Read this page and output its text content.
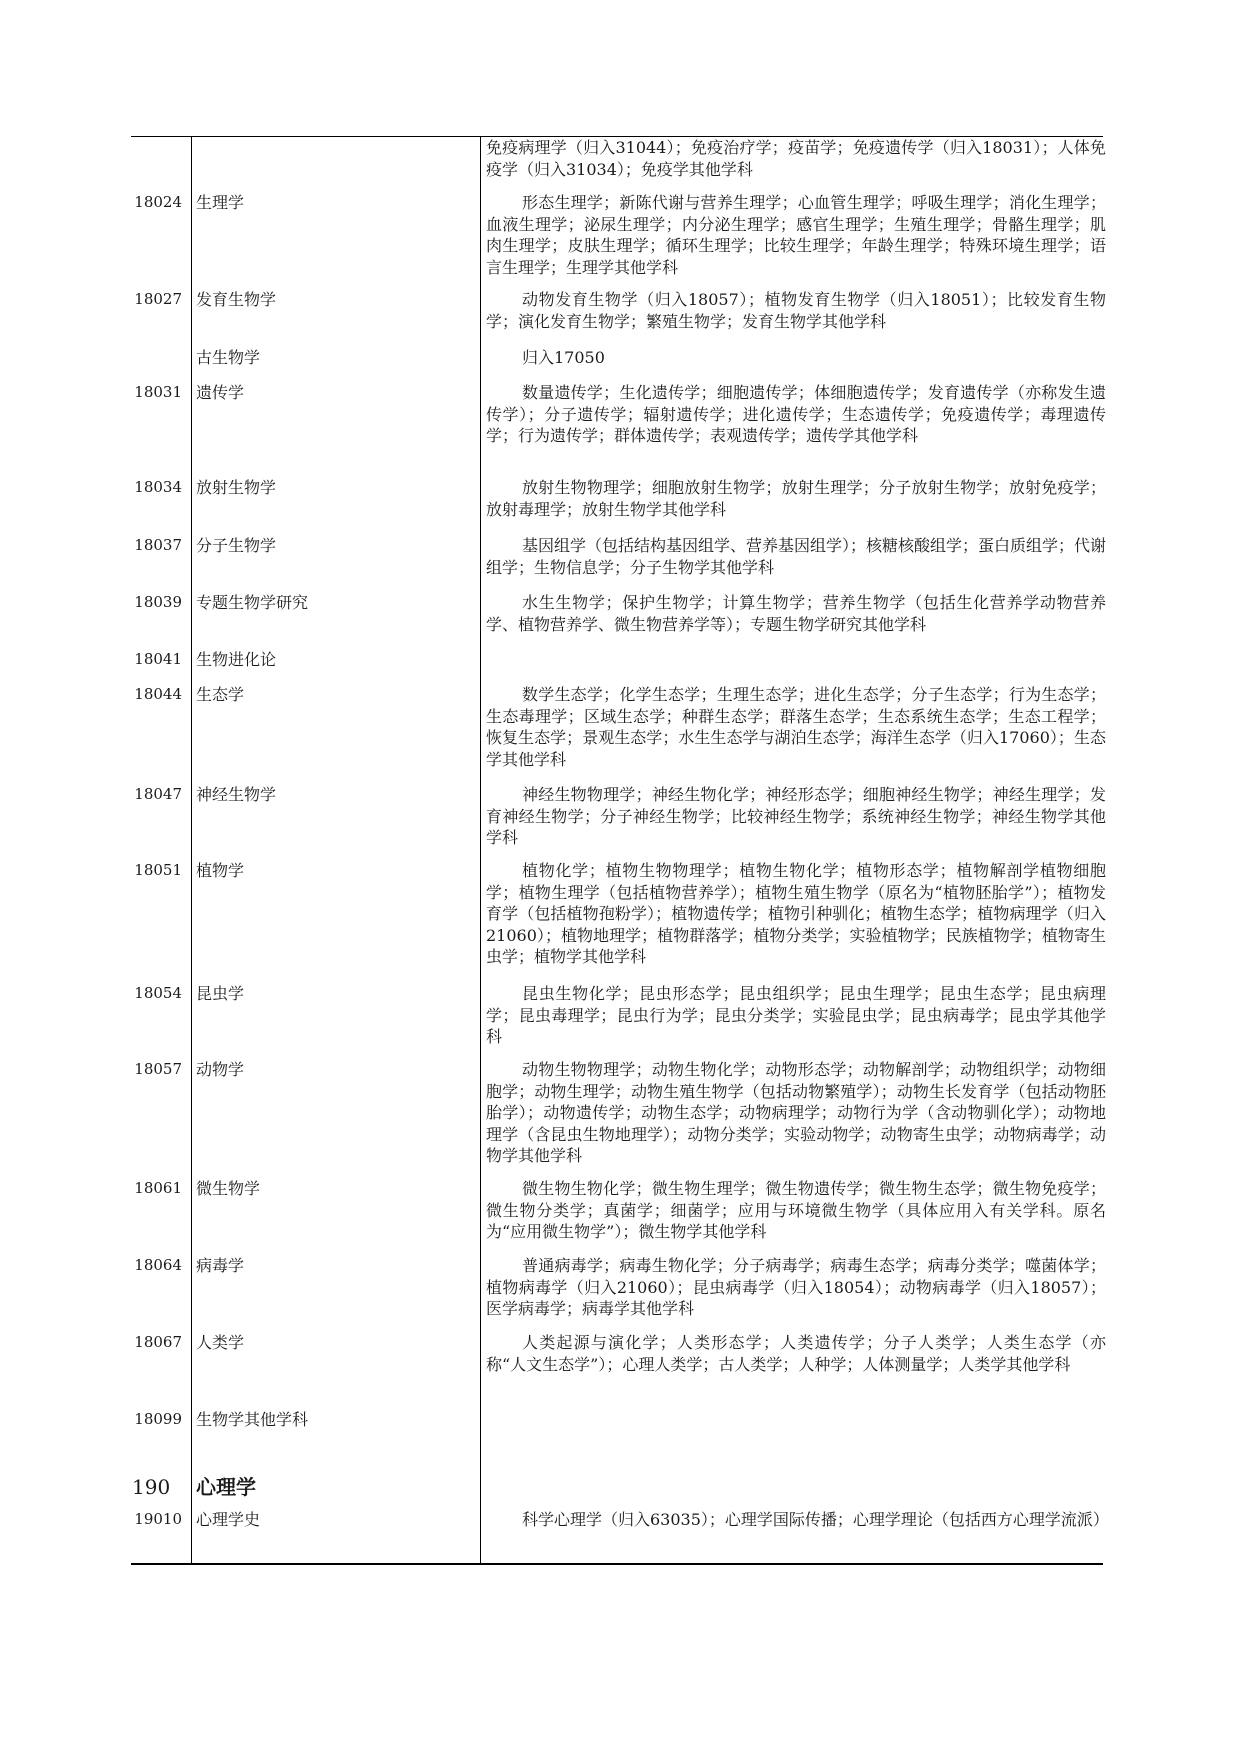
免疫病理学（归入31044）；免疫治疗学；疫苗学；免疫遗传学（归入18031）；人体免疫学（归入31034）；免疫学其他学科
18024 生理学	形态生理学；新陈代谢与营养生理学；心血管生理学；呼吸生理学；消化生理学；血液生理学；泌尿生理学；内分泌生理学；感官生理学；生殖生理学；骨骼生理学；肌肉生理学；皮肤生理学；循环生理学；比较生理学；年龄生理学；特殊环境生理学；语言生理学；生理学其他学科
18027 发育生物学	动物发育生物学（归入18057）；植物发育生物学（归入18051）；比较发育生物学；演化发育生物学；繁殖生物学；发育生物学其他学科
古生物学	归入17050
18031 遗传学	数量遗传学；生化遗传学；细胞遗传学；体细胞遗传学；发育遗传学（亦称发生遗传学）；分子遗传学；辐射遗传学；进化遗传学；生态遗传学；免疫遗传学；毒理遗传学；行为遗传学；群体遗传学；表观遗传学；遗传学其他学科
18034 放射生物学	放射生物物理学；细胞放射生物学；放射生理学；分子放射生物学；放射免疫学；放射毒理学；放射生物学其他学科
18037 分子生物学	基因组学（包括结构基因组学、营养基因组学）；核糖核酸组学；蛋白质组学；代谢组学；生物信息学；分子生物学其他学科
18039 专题生物学研究	水生生物学；保护生物学；计算生物学；营养生物学（包括生化营养学动物营养学、植物营养学、微生物营养学等）；专题生物学研究其他学科
18041 生物进化论
18044 生态学	数学生态学；化学生态学；生理生态学；进化生态学；分子生态学；行为生态学；生态毒理学；区域生态学；种群生态学；群落生态学；生态系统生态学；生态工程学；恢复生态学；景观生态学；水生生态学与湖泊生态学；海洋生态学（归入17060）；生态学其他学科
18047 神经生物学	神经生物物理学；神经生物化学；神经形态学；细胞神经生物学；神经生理学；发育神经生物学；分子神经生物学；比较神经生物学；系统神经生物学；神经生物学其他学科
18051 植物学	植物化学；植物生物物理学；植物生物化学；植物形态学；植物解剖学植物细胞学；植物生理学（包括植物营养学）；植物生殖生物学（原名为“植物胚胎学”）；植物发育学（包括植物孢粉学）；植物遗传学；植物引种驯化；植物生态学；植物病理学（归入21060）；植物地理学；植物群落学；植物分类学；实验植物学；民族植物学；植物寄生虫学；植物学其他学科
18054 昆虫学	昆虫生物化学；昆虫形态学；昆虫组织学；昆虫生理学；昆虫生态学；昆虫病理学；昆虫毒理学；昆虫行为学；昆虫分类学；实验昆虫学；昆虫病毒学；昆虫学其他学科
18057 动物学	动物生物物理学；动物生物化学；动物形态学；动物解剖学；动物组织学；动物细胞学；动物生理学；动物生殖生物学（包括动物繁殖学）；动物生长发育学（包括动物胚胎学）；动物遗传学；动物生态学；动物病理学；动物行为学（含动物驯化学）；动物地理学（含昆虫生物地理学）；动物分类学；实验动物学；动物寄生虫学；动物病毒学；动物学其他学科
18061 微生物学	微生物生物化学；微生物生理学；微生物遗传学；微生物生态学；微生物免疫学；微生物分类学；真菌学；细菌学；应用与环境微生物学（具体应用入有关学科。原名为“应用微生物学”）；微生物学其他学科
18064 病毒学	普通病毒学；病毒生物化学；分子病毒学；病毒生态学；病毒分类学；噬菌体学；植物病毒学（归入21060）；昆虫病毒学（归入18054）；动物病毒学（归入18057）；医学病毒学；病毒学其他学科
18067 人类学	人类起源与演化学；人类形态学；人类遗传学；分子人类学；人类生态学（亦称“人文生态学”）；心理人类学；古人类学；人种学；人体测量学；人类学其他学科
18099 生物学其他学科
190 心理学
19010 心理学史	科学心理学（归入63035）；心理学国际传播；心理学理论（包括西方心理学流派）
